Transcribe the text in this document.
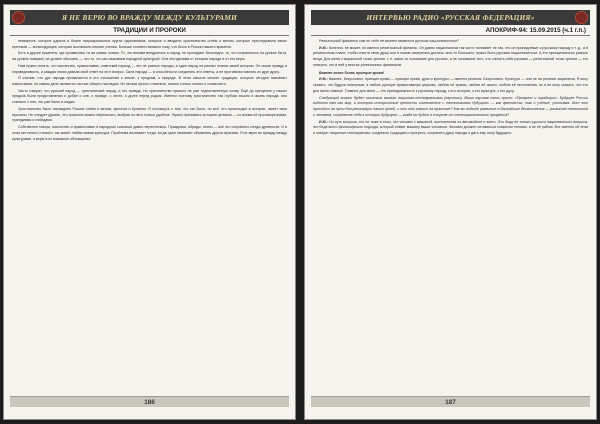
Я НЕ ВЕРЮ ВО ВРАЖДУ МЕЖДУ КУЛЬТУРАМИ
ТРАДИЦИИ И ПРОРОКИ

невежеств, которое царила в более патриархальных кругах церковников, которые и вводили христианство огнём и мечом, которые преследовали своих еретиков — вольнодумцев, которые исключили многие учения. Больше соответствовало тому, что было в России нашего времени.

Есть и другие моменты, где проявилась та же самая логика. То, что веками внедрялось в народ, не пропадает бесследно: то, что сохранилось на уровне быта, на уровне поверий, на уровне обычаев, — это то, что мы называем народной культурой. Она неотделима от истории народа и от его веры.

Нам нужно понять, что язычество, православие, советский период — это не разные народы, а один народ на разных этапах своей истории. Он искал правду и справедливость, и каждая эпоха давала свой ответ на этот вопрос. Сила народа — в способности соединять эти ответы, а не противопоставлять их друг другу.

Я считаю, что дух народа проявляется в его отношении к земле, к предкам, к природе. В этом смысле многие традиции, которые сегодня называют языческими, на самом деле являются частью общего наследия. Их нельзя просто отменить, можно только понять и осмыслить.

Часто говорят, что русский народ — христианский народ, и это правда. Но христианство пришло на уже подготовленную почву. Ещё до крещения у наших предков были представления о добре и зле, о правде, о чести, о долге перед родом. Именно поэтому христианство так глубоко вошло в жизнь народа: оно совпало с тем, что уже было в людях.

Христианство было насаждено России огнём и мечом, крестом и булатом. Я соглашусь с тем, что так было, но всё, что происходит в истории, имеет свои причины. Не следует думать, что прошлое можно переписать, выбрав из него только удобное. Нужно принимать историю целиком — со всеми её противоречиями, трагедиями и победами.

Собственно говоря, язычество и православие в народном сознании давно переплелись. Праздники, обряды, песни — всё это сохранило следы древности. И в этом нет ничего плохого: так живёт любая живая культура. Проблема возникает тогда, когда одни начинают объявлять других врагами. Я не верю во вражду между культурами, я верю в их взаимное обогащение.

186
ИНТЕРВЬЮ РАДИО «РУССКАЯ ФЕДЕРАЦИЯ»
АПОКРИФ-94: 15.09.2015 (ч.1 г.п.)

Религиозный фанатик сам по себе не может являться русским националистом?

И.М.: Конечно, не может, он именно религиозный фанатик. Он давно национализм так чисто понимает не так, что он принадлежит к русскому народу и т. д., а в религиозном плане, чтобы спасти свою душу или в новом измерении достичь чего-то большего, нужно быть русским националистом. А это принципиально разные вещи. Для меня с моральной точки зрения: т. е. какое-то основание для русских, а не основание того, что считать себя русским — религиозной точки зрения — это неверно, что в ней у многих религиозных фанатиков.

Важнее всего быть принцип кровя!

И.М.: Важнее, безусловно, принцип крови — принцип крови, духа и культуры — именно религия. Безусловно. Культура — она не на религии зациклена. Я могу сказать, что будучи неверным, я люблю русскую православную церковь, люблю её храмы, люблю её иконы, люблю её песнопения, но я не могу сказать, что это для меня главное. Главное для меня — это принадлежность к русскому народу, к его истории, к его культуре, к его духу.

Следующий вопрос будет касаться вашего национал-технократизма (научного). Ваша научная очень прост: «Прогресс и традиции». Будущее России видится нам как мир, в котором исторические ценности сочетаются с технологиями будущего — как фантасты, так и учёные, учитывая. Вот это проходит на пути для реализации наших целей, и что это значит на практике? Как вы видите развитие в ближайшие десятилетия — развитие технологий и человека, сохранение себя в истории будущего — когда он будет в стороне от технократического прогресса?

И.М.: Но суть вопроса, это не тоже в этом, что человек с машиной, вытесненная из автомобиля и всего. Это беда не только русского национального вопроса, это беда всего философского подхода, который ставит машину выше человека. Человек должен оставаться хозяином техники, а не её рабом. Вот именно об этом и говорит национал-технократизм: соединить традицию и прогресс, сохранить душу народа и дать ему силу будущего.

187
